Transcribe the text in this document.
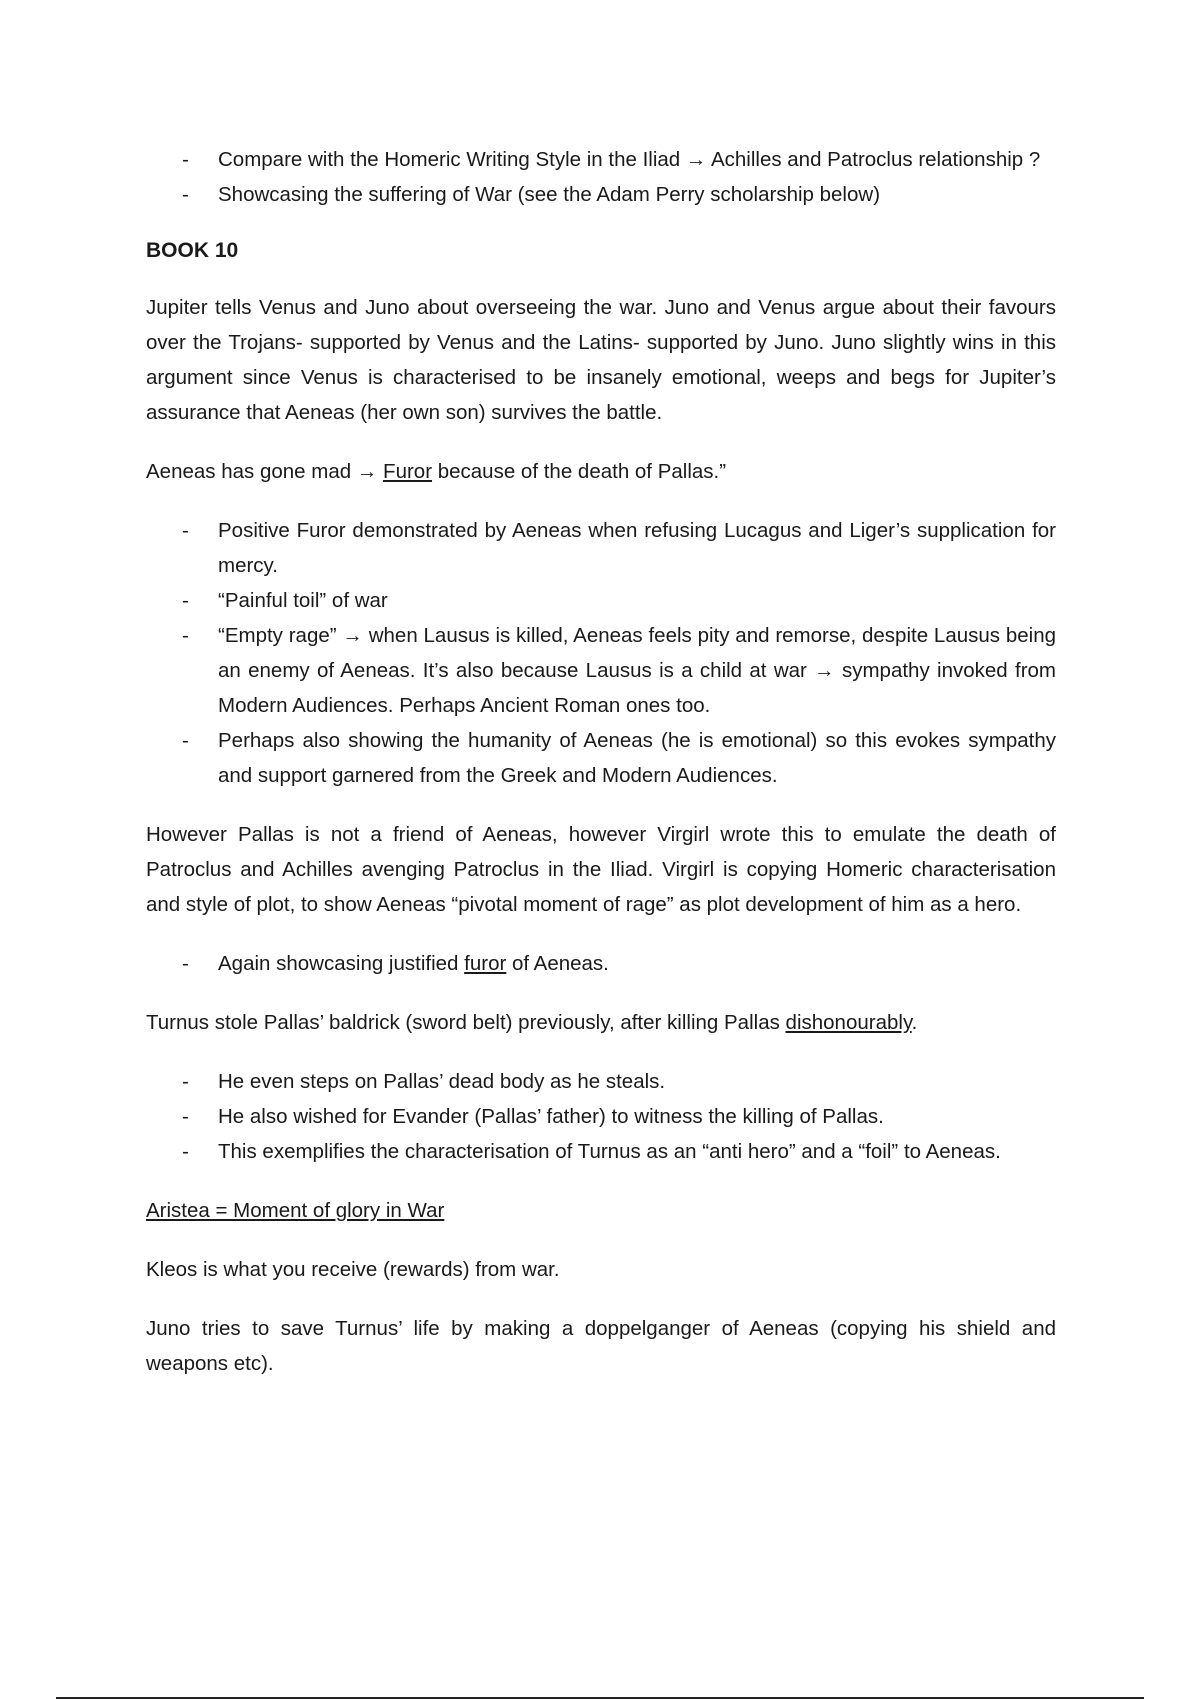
- Compare with the Homeric Writing Style in the Iliad → Achilles and Patroclus relationship ?
- Showcasing the suffering of War (see the Adam Perry scholarship below)
BOOK 10

Jupiter tells Venus and Juno about overseeing the war. Juno and Venus argue about their favours over the Trojans- supported by Venus and the Latins- supported by Juno. Juno slightly wins in this argument since Venus is characterised to be insanely emotional, weeps and begs for Jupiter’s assurance that Aeneas (her own son) survives the battle.

Aeneas has gone mad → Furor because of the death of Pallas.”

- Positive Furor demonstrated by Aeneas when refusing Lucagus and Liger’s supplication for mercy.
- “Painful toil” of war
- “Empty rage” → when Lausus is killed, Aeneas feels pity and remorse, despite Lausus being an enemy of Aeneas. It’s also because Lausus is a child at war → sympathy invoked from Modern Audiences. Perhaps Ancient Roman ones too.
- Perhaps also showing the humanity of Aeneas (he is emotional) so this evokes sympathy and support garnered from the Greek and Modern Audiences.

However Pallas is not a friend of Aeneas, however Virgirl wrote this to emulate the death of Patroclus and Achilles avenging Patroclus in the Iliad. Virgirl is copying Homeric characterisation and style of plot, to show Aeneas “pivotal moment of rage” as plot development of him as a hero.

- Again showcasing justified furor of Aeneas.

Turnus stole Pallas’ baldrick (sword belt) previously, after killing Pallas dishonourably.

- He even steps on Pallas’ dead body as he steals.
- He also wished for Evander (Pallas’ father) to witness the killing of Pallas.
- This exemplifies the characterisation of Turnus as an “anti hero” and a “foil” to Aeneas.

Aristea = Moment of glory in War

Kleos is what you receive (rewards) from war.

Juno tries to save Turnus’ life by making a doppelganger of Aeneas (copying his shield and weapons etc).
